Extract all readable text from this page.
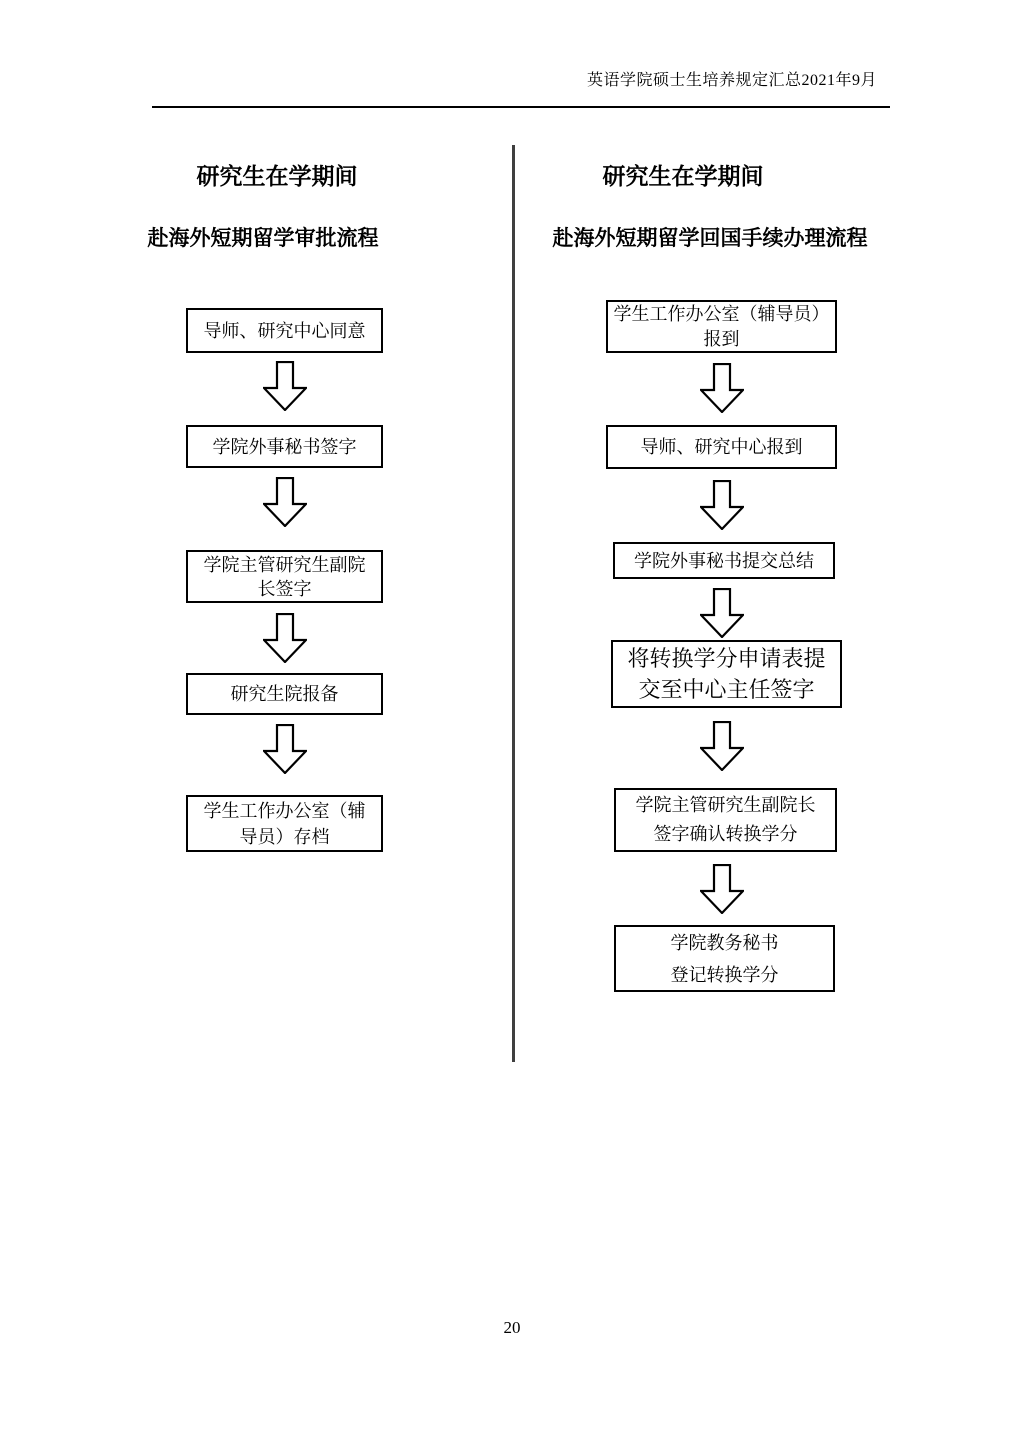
英语学院硕士生培养规定汇总2021年9月
研究生在学期间
赴海外短期留学审批流程
导师、研究中心同意
学院外事秘书签字
学院主管研究生副院
长签字
研究生院报备
学生工作办公室（辅
导员）存档
研究生在学期间
赴海外短期留学回国手续办理流程
学生工作办公室（辅导员）
报到
导师、研究中心报到
学院外事秘书提交总结
将转换学分申请表提
交至中心主任签字
学院主管研究生副院长
签字确认转换学分
学院教务秘书
登记转换学分
20
